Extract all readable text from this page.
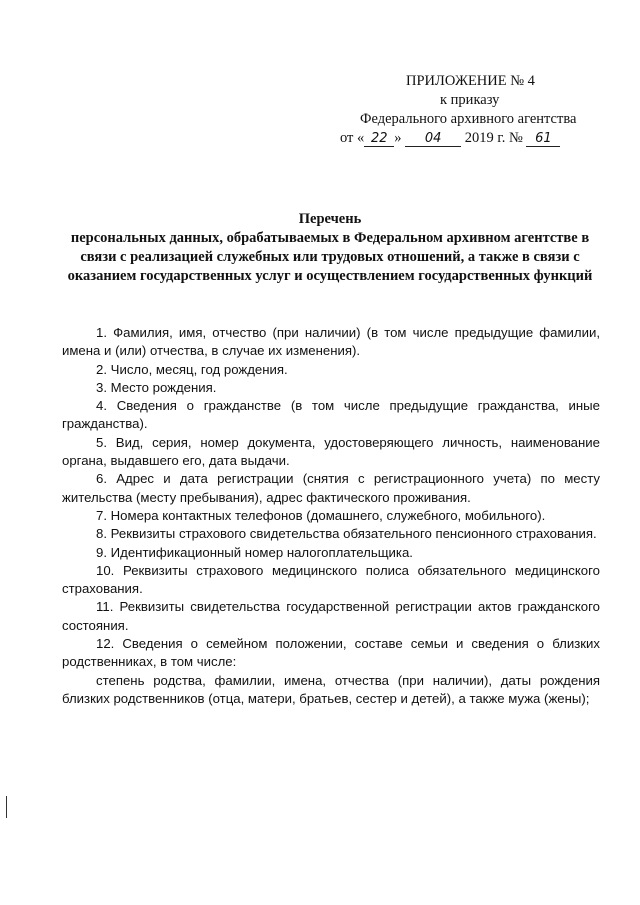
ПРИЛОЖЕНИЕ № 4
к приказу
Федерального архивного агентства
от « 22 » 04 2019 г. № 61
Перечень
персональных данных, обрабатываемых в Федеральном архивном агентстве в связи с реализацией служебных или трудовых отношений, а также в связи с оказанием государственных услуг и осуществлением государственных функций

1. Фамилия, имя, отчество (при наличии) (в том числе предыдущие фамилии, имена и (или) отчества, в случае их изменения).

2. Число, месяц, год рождения.

3. Место рождения.

4. Сведения о гражданстве (в том числе предыдущие гражданства, иные гражданства).

5. Вид, серия, номер документа, удостоверяющего личность, наименование органа, выдавшего его, дата выдачи.

6. Адрес и дата регистрации (снятия с регистрационного учета) по месту жительства (месту пребывания), адрес фактического проживания.

7. Номера контактных телефонов (домашнего, служебного, мобильного).

8. Реквизиты страхового свидетельства обязательного пенсионного страхования.

9. Идентификационный номер налогоплательщика.

10. Реквизиты страхового медицинского полиса обязательного медицинского страхования.

11. Реквизиты свидетельства государственной регистрации актов гражданского состояния.

12. Сведения о семейном положении, составе семьи и сведения о близких родственниках, в том числе:

степень родства, фамилии, имена, отчества (при наличии), даты рождения близких родственников (отца, матери, братьев, сестер и детей), а также мужа (жены);
